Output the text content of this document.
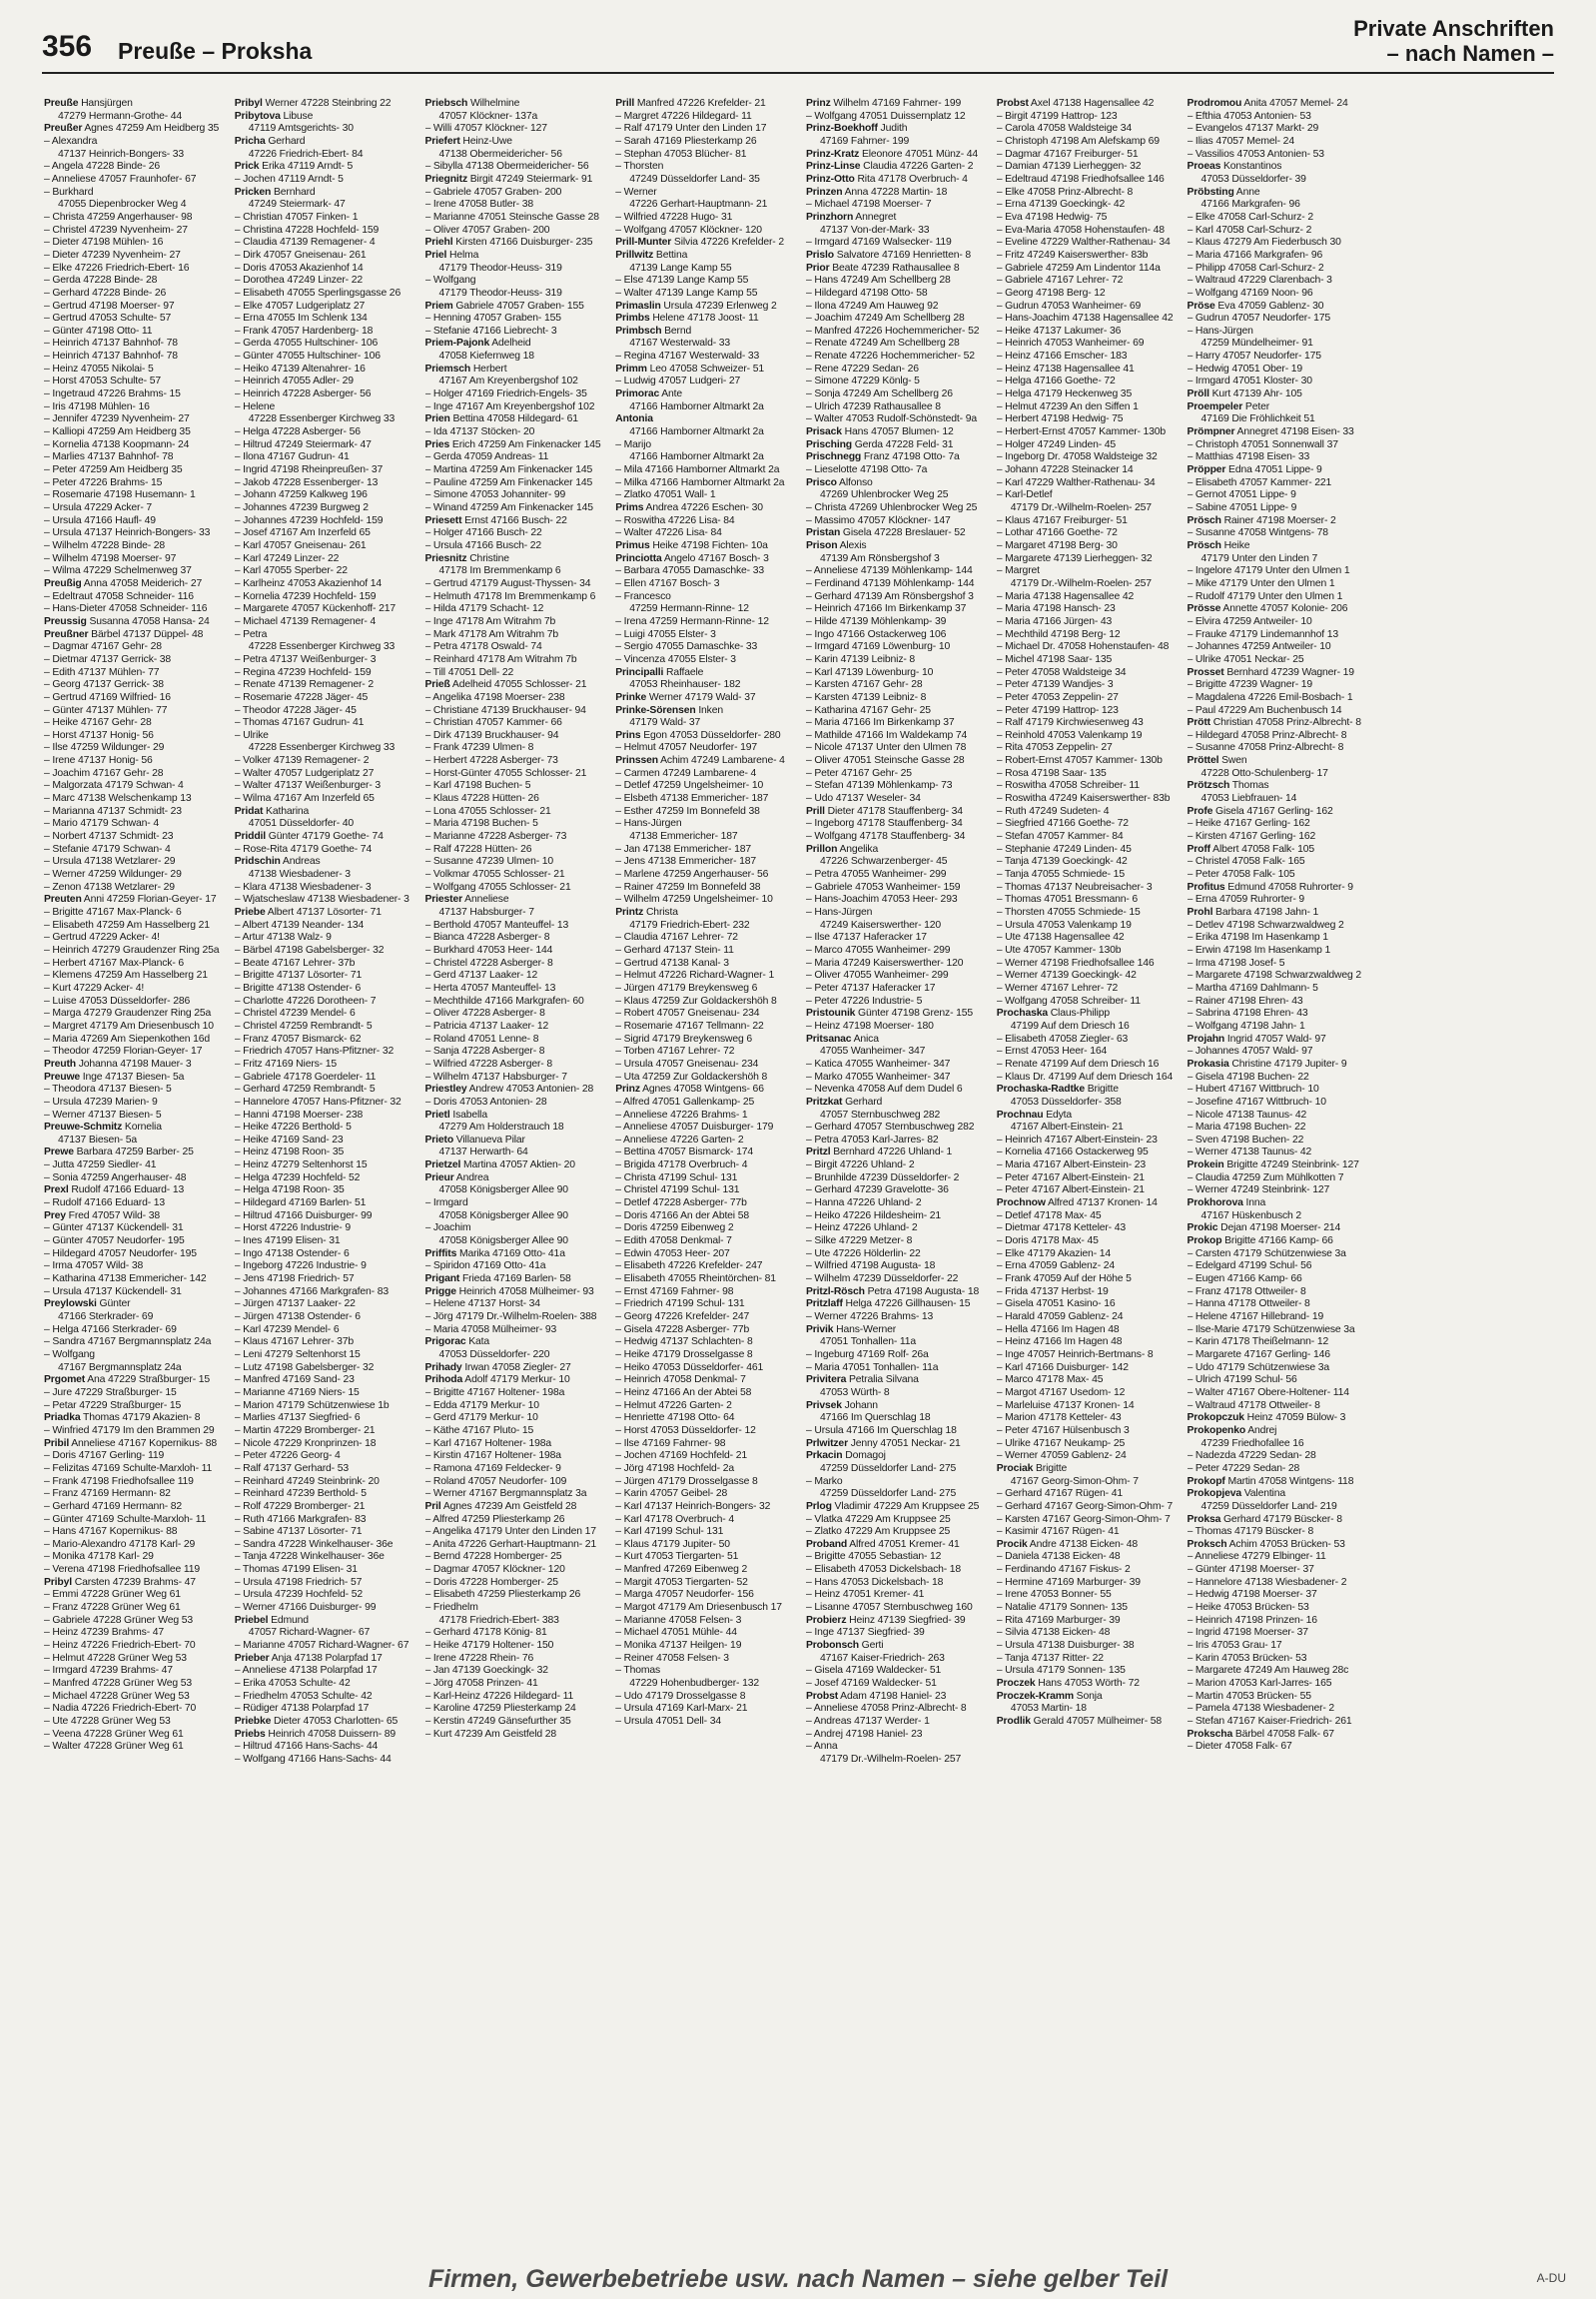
356 Preuße – Proksha
Private Anschriften
– nach Namen –
Preuße Hansjürgen
47279 Hermann-Grothe- 44
Preußer Agnes 47259 Am Heidberg 35
– Alexandra
47137 Heinrich-Bongers- 33
– Angela 47228 Binde- 26
– Anneliese 47057 Fraunhofer- 67
– Burkhard
47055 Diepenbrocker Weg 4
– Christa 47259 Angerhauser- 98
– Christel 47239 Nyvenheim- 27
– Dieter 47198 Mühlen- 16
– Dieter 47239 Nyvenheim- 27
– Elke 47226 Friedrich-Ebert- 16
– Gerda 47228 Binde- 28
– Gerhard 47228 Binde- 26
– Gertrud 47198 Moerser- 97
– Gertrud 47053 Schulte- 57
– Günter 47198 Otto- 11
– Heinrich 47137 Bahnhof- 78
– Heinrich 47137 Bahnhof- 78
– Heinz 47055 Nikolai- 5
– Horst 47053 Schulte- 57
– Ingetraud 47226 Brahms- 15
– Iris 47198 Mühlen- 16
– Jennifer 47239 Nyvenheim- 27
– Kalliopi 47259 Am Heidberg 35
– Kornelia 47138 Koopmann- 24
– Marlies 47137 Bahnhof- 78
– Peter 47259 Am Heidberg 35
– Peter 47226 Brahms- 15
– Rosemarie 47198 Husemann- 1
– Ursula 47229 Acker- 7
– Ursula 47166 Haufl- 49
– Ursula 47137 Heinrich-Bongers- 33
– Wilhelm 47228 Binde- 28
– Wilhelm 47198 Moerser- 97
– Wilma 47229 Schelmenweg 37
Preußig Anna 47058 Meiderich- 27
– Edeltraut 47058 Schneider- 116
– Hans-Dieter 47058 Schneider- 116
Preussig Susanna 47058 Hansa- 24
Preußner Bärbel 47137 Düppel- 48
– Dagmar 47167 Gehr- 28
– Dietmar 47137 Gerrick- 38
– Edith 47137 Mühlen- 77
– Georg 47137 Gerrick- 38
– Gertrud 47169 Wilfried- 16
– Günter 47137 Mühlen- 77
– Heike 47167 Gehr- 28
– Horst 47137 Honig- 56
– Ilse 47259 Wildunger- 29
– Irene 47137 Honig- 56
– Joachim 47167 Gehr- 28
– Malgorzata 47179 Schwan- 4
– Marc 47138 Welschenkamp 13
– Marianna 47137 Schmidt- 23
– Mario 47179 Schwan- 4
– Norbert 47137 Schmidt- 23
– Stefanie 47179 Schwan- 4
– Ursula 47138 Wetzlarer- 29
– Werner 47259 Wildunger- 29
– Zenon 47138 Wetzlarer- 29
Preuten Anni 47259 Florian-Geyer- 17
– Brigitte 47167 Max-Planck- 6
– Elisabeth 47259 Am Hasselberg 21
– Gertrud 47229 Acker- 4!
– Heinrich 47279 Graudenzer Ring 25a
– Herbert 47167 Max-Planck- 6
– Klemens 47259 Am Hasselberg 21
– Kurt 47229 Acker- 4!
– Luise 47053 Düsseldorfer- 286
– Marga 47279 Graudenzer Ring 25a
– Margret 47179 Am Driesenbusch 10
– Maria 47269 Am Siepenkothen 16d
– Theodor 47259 Florian-Geyer- 17
Preuth Johanna 47198 Mauer- 3
Preuwe Inge 47137 Biesen- 5a
– Theodora 47137 Biesen- 5
– Ursula 47239 Marien- 9
– Werner 47137 Biesen- 5
Preuwe-Schmitz Kornelia
47137 Biesen- 5a
Prewe Barbara 47259 Barber- 25
– Jutta 47259 Siedler- 41
– Sonia 47259 Angerhauser- 48
Prexl Rudolf 47166 Eduard- 13
– Rudolf 47166 Eduard- 13
Prey Fred 47057 Wild- 38
– Günter 47137 Kückendell- 31
– Günter 47057 Neudorfer- 195
– Hildegard 47057 Neudorfer- 195
– Irma 47057 Wild- 38
– Katharina 47138 Emmericher- 142
– Ursula 47137 Kückendell- 31
Preylowski Günter
47166 Sterkrader- 69
– Helga 47166 Sterkrader- 69
– Sandra 47167 Bergmannsplatz 24a
– Wolfgang
47167 Bergmannsplatz 24a
Prgomet Ana 47229 Straßburger- 15
– Jure 47229 Straßburger- 15
– Petar 47229 Straßburger- 15
Priadka Thomas 47179 Akazien- 8
– Winfried 47179 Im den Brammen 29
Pribil Anneliese 47167 Kopernikus- 88
– Doris 47167 Gerling- 119
– Felizitas 47169 Schulte-Marxloh- 11
– Frank 47198 Friedhofsallee 119
– Franz 47169 Hermann- 82
– Gerhard 47169 Hermann- 82
– Günter 47169 Schulte-Marxloh- 11
– Hans 47167 Kopernikus- 88
– Mario-Alexandro 47178 Karl- 29
– Monika 47178 Karl- 29
– Verena 47198 Friedhofsallee 119
Pribyl Carsten 47239 Brahms- 47
– Emmi 47228 Grüner Weg 61
– Franz 47228 Grüner Weg 61
– Gabriele 47228 Grüner Weg 53
– Heinz 47239 Brahms- 47
– Heinz 47226 Friedrich-Ebert- 70
– Helmut 47228 Grüner Weg 53
– Irmgard 47239 Brahms- 47
– Manfred 47228 Grüner Weg 53
– Michael 47228 Grüner Weg 53
– Nadia 47226 Friedrich-Ebert- 70
– Ute 47228 Grüner Weg 53
– Veena 47228 Grüner Weg 61
– Walter 47228 Grüner Weg 61
Pribyl Werner 47228 Steinbring 22
Pribytova Libuse
47119 Amtsgerichts- 30
Pricha Gerhard
47226 Friedrich-Ebert- 84
Prick Erika 47119 Arndt- 5
– Jochen 47119 Arndt- 5
Pricken Bernhard
47249 Steiermark- 47
– Christian 47057 Finken- 1
– Christina 47228 Hochfeld- 159
– Claudia 47139 Remagener- 4
– Dirk 47057 Gneisenau- 261
– Doris 47053 Akazienhof 14
– Dorothea 47249 Linzer- 22
– Elisabeth 47055 Sperlingsgasse 26
– Elke 47057 Ludgeriplatz 27
– Erna 47055 Im Schlenk 134
– Frank 47057 Hardenberg- 18
– Gerda 47055 Hultschiner- 106
– Günter 47055 Hultschiner- 106
– Heiko 47139 Altenahrer- 16
– Heinrich 47055 Adler- 29
– Heinrich 47228 Asberger- 56
– Helene
47228 Essenberger Kirchweg 33
– Helga 47228 Asberger- 56
– Hiltrud 47249 Steiermark- 47
– Ilona 47167 Gudrun- 41
– Ingrid 47198 Rheinpreußen- 37
– Jakob 47228 Essenberger- 13
– Johann 47259 Kalkweg 196
– Johannes 47239 Burgweg 2
– Johannes 47239 Hochfeld- 159
– Josef 47167 Am Inzerfeld 65
– Karl 47057 Gneisenau- 261
– Karl 47249 Linzer- 22
– Karl 47055 Sperber- 22
– Karlheinz 47053 Akazienhof 14
– Kornelia 47239 Hochfeld- 159
– Margarete 47057 Kückenhoff- 217
– Michael 47139 Remagener- 4
– Petra
47228 Essenberger Kirchweg 33
– Petra 47137 Weißenburger- 3
– Regina 47239 Hochfeld- 159
– Renate 47139 Remagener- 2
– Rosemarie 47228 Jäger- 45
– Theodor 47228 Jäger- 45
– Thomas 47167 Gudrun- 41
– Ulrike
47228 Essenberger Kirchweg 33
– Volker 47139 Remagener- 2
– Walter 47057 Ludgeriplatz 27
– Walter 47137 Weißenburger- 3
– Wilma 47167 Am Inzerfeld 65
Pridat Katharina
47051 Düsseldorfer- 40
Priddil Günter 47179 Goethe- 74
– Rose-Rita 47179 Goethe- 74
Pridschin Andreas
47138 Wiesbadener- 3
– Klara 47138 Wiesbadener- 3
– Wjatscheslaw 47138 Wiesbadener- 3
Priebe Albert 47137 Lösorter- 71
– Albert 47139 Neander- 134
– Artur 47138 Walz- 9
– Bärbel 47198 Gabelsberger- 32
– Beate 47167 Lehrer- 37b
– Brigitte 47137 Lösorter- 71
– Brigitte 47138 Ostender- 6
– Charlotte 47226 Dorotheen- 7
– Christel 47239 Mendel- 6
– Christel 47259 Rembrandt- 5
– Franz 47057 Bismarck- 62
– Friedrich 47057 Hans-Pfitzner- 32
– Fritz 47169 Niers- 15
– Gabriele 47178 Goerdeler- 11
– Gerhard 47259 Rembrandt- 5
– Hannelore 47057 Hans-Pfitzner- 32
– Hanni 47198 Moerser- 238
– Heike 47226 Berthold- 5
– Heike 47169 Sand- 23
– Heinz 47198 Roon- 35
– Heinz 47279 Seltenhorst 15
– Helga 47239 Hochfeld- 52
– Helga 47198 Roon- 35
– Hildegard 47169 Barlen- 51
– Hiltrud 47166 Duisburger- 99
– Horst 47226 Industrie- 9
– Ines 47199 Elisen- 31
– Ingo 47138 Ostender- 6
– Ingeborg 47226 Industrie- 9
– Jens 47198 Friedrich- 57
– Johannes 47166 Markgrafen- 83
– Jürgen 47137 Laaker- 22
– Jürgen 47138 Ostender- 6
– Karl 47239 Mendel- 6
– Klaus 47167 Lehrer- 37b
– Leni 47279 Seltenhorst 15
– Lutz 47198 Gabelsberger- 32
– Manfred 47169 Sand- 23
– Marianne 47169 Niers- 15
– Marion 47179 Schützenwiese 1b
– Marlies 47137 Siegfried- 6
– Martin 47229 Bromberger- 21
– Nicole 47229 Kronprinzen- 18
– Peter 47226 Georg- 4
– Ralf 47137 Gerhard- 53
– Reinhard 47249 Steinbrink- 20
– Reinhard 47239 Berthold- 5
– Rolf 47229 Bromberger- 21
– Ruth 47166 Markgrafen- 83
– Sabine 47137 Lösorter- 71
– Sandra 47228 Winkelhauser- 36e
– Tanja 47228 Winkelhauser- 36e
– Thomas 47199 Elisen- 31
– Ursula 47198 Friedrich- 57
– Ursula 47239 Hochfeld- 52
– Werner 47166 Duisburger- 99
Priebel Edmund
47057 Richard-Wagner- 67
– Marianne 47057 Richard-Wagner- 67
Prieber Anja 47138 Polarpfad 17
– Anneliese 47138 Polarpfad 17
– Erika 47053 Schulte- 42
– Friedhelm 47053 Schulte- 42
– Rüdiger 47138 Polarpfad 17
Priebke Dieter 47053 Charlotten- 65
Priebs Heinrich 47058 Duissern- 89
– Hiltrud 47166 Hans-Sachs- 44
– Wolfgang 47166 Hans-Sachs- 44
Priebsch Wilhelmine
47057 Klöckner- 137a
– Willi 47057 Klöckner- 127
Priefert Heinz-Uwe
47138 Obermeidericher- 56
– Sibylla 47138 Obermeidericher- 56
Priegnitz Birgit 47249 Steiermark- 91
– Gabriele 47057 Graben- 200
– Irene 47058 Butler- 38
– Marianne 47051 Steinsche Gasse 28
– Oliver 47057 Graben- 200
Priehl Kirsten 47166 Duisburger- 235
Priel Helma
47179 Theodor-Heuss- 319
– Wolfgang
47179 Theodor-Heuss- 319
Priem Gabriele 47057 Graben- 155
– Henning 47057 Graben- 155
– Stefanie 47166 Liebrecht- 3
Priem-Pajonk Adelheid
47058 Kiefernweg 18
Priemsch Herbert
47167 Am Kreyenbergshof 102
– Holger 47169 Friedrich-Engels- 35
– Inge 47167 Am Kreyenbergshof 102
Prien Bettina 47058 Hildegard- 61
– Ida 47137 Stöcken- 20
Pries Erich 47259 Am Finkenacker 145
– Gerda 47059 Andreas- 11
– Martina 47259 Am Finkenacker 145
– Pauline 47259 Am Finkenacker 145
– Simone 47053 Johanniter- 99
– Winand 47259 Am Finkenacker 145
Priesett Ernst 47166 Busch- 22
– Holger 47166 Busch- 22
– Ursula 47166 Busch- 22
Priesnitz Christine
47178 Im Bremmenkamp 6
– Gertrud 47179 August-Thyssen- 34
– Helmuth 47178 Im Bremmenkamp 6
– Hilda 47179 Schacht- 12
– Inge 47178 Am Witrahm 7b
– Mark 47178 Am Witrahm 7b
– Petra 47178 Oswald- 74
– Reinhard 47178 Am Witrahm 7b
– Till 47051 Dell- 22
Prieß Adelheid 47055 Schlosser- 21
– Angelika 47198 Moerser- 238
– Christiane 47139 Bruckhauser- 94
– Christian 47057 Kammer- 66
– Dirk 47139 Bruckhauser- 94
– Frank 47239 Ulmen- 8
– Herbert 47228 Asberger- 73
– Horst-Günter 47055 Schlosser- 21
– Karl 47198 Buchen- 5
– Klaus 47228 Hütten- 26
– Lona 47055 Schlosser- 21
– Maria 47198 Buchen- 5
– Marianne 47228 Asberger- 73
– Ralf 47228 Hütten- 26
– Susanne 47239 Ulmen- 10
– Volkmar 47055 Schlosser- 21
– Wolfgang 47055 Schlosser- 21
Priester Anneliese
47137 Habsburger- 7
– Berthold 47057 Manteuffel- 13
– Bianca 47228 Asberger- 8
– Burkhard 47053 Heer- 144
– Christel 47228 Asberger- 8
– Gerd 47137 Laaker- 12
– Herta 47057 Manteuffel- 13
– Mechthilde 47166 Markgrafen- 60
– Oliver 47228 Asberger- 8
– Patricia 47137 Laaker- 12
– Roland 47051 Lenne- 8
– Sanja 47228 Asberger- 8
– Wilfried 47228 Asberger- 8
– Wilhelm 47137 Habsburger- 7
Priestley Andrew 47053 Antonien- 28
– Doris 47053 Antonien- 28
Prietl Isabella
47279 Am Holderstrauch 18
Prieto Villanueva Pilar
47137 Herwarth- 64
Prietzel Martina 47057 Aktien- 20
Prieur Andrea
47058 Königsberger Allee 90
– Irmgard
47058 Königsberger Allee 90
– Joachim
47058 Königsberger Allee 90
Priffits Marika 47169 Otto- 41a
– Spiridon 47169 Otto- 41a
Prigant Frieda 47169 Barlen- 58
Prigge Heinrich 47058 Mülheimer- 93
– Helene 47137 Horst- 34
– Jörg 47179 Dr.-Wilhelm-Roelen- 388
– Maria 47058 Mülheimer- 93
Prigorac Kata
47053 Düsseldorfer- 220
Prihady Irwan 47058 Ziegler- 27
Prihoda Adolf 47179 Merkur- 10
– Brigitte 47167 Holtener- 198a
– Edda 47179 Merkur- 10
– Gerd 47179 Merkur- 10
– Käthe 47167 Pluto- 15
– Karl 47167 Holtener- 198a
– Kirstin 47167 Holtener- 198a
– Ramona 47169 Feldecker- 9
– Roland 47057 Neudorfer- 109
– Werner 47167 Bergmannsplatz 3a
Pril Agnes 47239 Am Geistfeld 28
– Alfred 47259 Pliesterkamp 26
– Angelika 47179 Unter den Linden 17
– Anita 47226 Gerhart-Hauptmann- 21
– Bernd 47228 Homberger- 25
– Dagmar 47057 Klöckner- 120
– Doris 47228 Homberger- 25
– Elisabeth 47259 Pliesterkamp 26
– Friedhelm
47178 Friedrich-Ebert- 383
– Gerhard 47178 König- 81
– Heike 47179 Holtener- 150
– Irene 47228 Rhein- 76
– Jan 47139 Goeckingk- 32
– Jörg 47058 Prinzen- 41
– Karl-Heinz 47226 Hildegard- 11
– Karoline 47259 Pliesterkamp 24
– Kerstin 47249 Gänsefurther 35
– Kurt 47239 Am Geistfeld 28
Prill Manfred 47226 Krefelder- 21
– Margret 47226 Hildegard- 11
– Ralf 47179 Unter den Linden 17
– Sarah 47169 Pliesterkamp 26
– Stephan 47053 Blücher- 81
– Thorsten
47249 Düsseldorfer Land- 35
– Werner
47226 Gerhart-Hauptmann- 21
– Wilfried 47228 Hugo- 31
– Wolfgang 47057 Klöckner- 120
Prill-Munter Silvia 47226 Krefelder- 2
Prillwitz Bettina
47139 Lange Kamp 55
– Else 47139 Lange Kamp 55
– Walter 47139 Lange Kamp 55
Primaslin Ursula 47239 Erlenweg 2
Primbs Helene 47178 Joost- 11
Primbsch Bernd
47167 Westerwald- 33
– Regina 47167 Westerwald- 33
Primm Leo 47058 Schweizer- 51
– Ludwig 47057 Ludgeri- 27
Primorac Ante
47166 Hamborner Altmarkt 2a
Antonia
47166 Hamborner Altmarkt 2a
– Marijo
47166 Hamborner Altmarkt 2a
– Mila 47166 Hamborner Altmarkt 2a
– Milka 47166 Hamborner Altmarkt 2a
– Zlatko 47051 Wall- 1
Prims Andrea 47226 Eschen- 30
– Roswitha 47226 Lisa- 84
– Walter 47226 Lisa- 84
Primus Heike 47198 Fichten- 10a
Princiotta Angelo 47167 Bosch- 3
– Barbara 47055 Damaschke- 33
– Ellen 47167 Bosch- 3
– Francesco
47259 Hermann-Rinne- 12
– Irena 47259 Hermann-Rinne- 12
– Luigi 47055 Elster- 3
– Sergio 47055 Damaschke- 33
– Vincenza 47055 Elster- 3
Principalli Raffaele
47053 Rheinhauser- 182
Prinke Werner 47179 Wald- 37
Prinke-Sörensen Inken
47179 Wald- 37
Prins Egon 47053 Düsseldorfer- 280
– Helmut 47057 Neudorfer- 197
Prinssen Achim 47249 Lambarene- 4
– Carmen 47249 Lambarene- 4
– Detlef 47259 Ungelsheimer- 10
– Elsbeth 47138 Emmericher- 187
– Esther 47259 Im Bonnefeld 38
– Hans-Jürgen
47138 Emmericher- 187
– Jan 47138 Emmericher- 187
– Jens 47138 Emmericher- 187
– Marlene 47259 Angerhauser- 56
– Rainer 47259 Im Bonnefeld 38
– Wilhelm 47259 Ungelsheimer- 10
Printz Christa
47179 Friedrich-Ebert- 232
– Claudia 47167 Lehrer- 72
– Gerhard 47137 Stein- 11
– Gertrud 47138 Kanal- 3
– Helmut 47226 Richard-Wagner- 1
– Jürgen 47179 Breykensweg 6
– Klaus 47259 Zur Goldackershöh 8
– Robert 47057 Gneisenau- 234
– Rosemarie 47167 Tellmann- 22
– Sigrid 47179 Breykensweg 6
– Torben 47167 Lehrer- 72
– Ursula 47057 Gneisenau- 234
– Uta 47259 Zur Goldackershöh 8
Prinz Agnes 47058 Wintgens- 66
– Alfred 47051 Gallenkamp- 25
– Anneliese 47226 Brahms- 1
– Anneliese 47057 Duisburger- 179
– Anneliese 47226 Garten- 2
– Bettina 47057 Bismarck- 174
– Brigida 47178 Overbruch- 4
– Christa 47199 Schul- 131
– Christel 47199 Schul- 131
– Detlef 47228 Asberger- 77b
– Doris 47166 An der Abtei 58
– Doris 47259 Eibenweg 2
– Edith 47058 Denkmal- 7
– Edwin 47053 Heer- 207
– Elisabeth 47226 Krefelder- 247
– Elisabeth 47055 Rheintörchen- 81
– Ernst 47169 Fahrner- 98
– Friedrich 47199 Schul- 131
– Georg 47226 Krefelder- 247
– Gisela 47228 Asberger- 77b
– Hedwig 47137 Schlachten- 8
– Heike 47179 Drosselgasse 8
– Heiko 47053 Düsseldorfer- 461
– Heinrich 47058 Denkmal- 7
– Heinz 47166 An der Abtei 58
– Helmut 47226 Garten- 2
– Henriette 47198 Otto- 64
– Horst 47053 Düsseldorfer- 12
– Ilse 47169 Fahrner- 98
– Jochen 47169 Hochfeld- 21
– Jörg 47198 Hochfeld- 2a
– Jürgen 47179 Drosselgasse 8
– Karin 47057 Geibel- 28
– Karl 47137 Heinrich-Bongers- 32
– Karl 47178 Overbruch- 4
– Karl 47199 Schul- 131
– Klaus 47179 Jupiter- 50
– Kurt 47053 Tiergarten- 51
– Manfred 47269 Eibenweg 2
– Margit 47053 Tiergarten- 52
– Marga 47057 Neudorfer- 156
– Margot 47179 Am Driesenbusch 17
– Marianne 47058 Felsen- 3
– Michael 47051 Mühle- 44
– Monika 47137 Heilgen- 19
– Reiner 47058 Felsen- 3
– Thomas
47229 Hohenbudberger- 132
– Udo 47179 Drosselgasse 8
– Ursula 47169 Karl-Marx- 21
– Ursula 47051 Dell- 34
Prinz Wilhelm 47169 Fahrner- 199
– Wolfgang 47051 Duissernplatz 12
Prinz-Boekhoff Judith
47169 Fahrner- 199
Prinz-Kratz Eleonore 47051 Münz- 44
Prinz-Linse Claudia 47226 Garten- 2
Prinz-Otto Rita 47178 Overbruch- 4
Prinzen Anna 47228 Martin- 18
– Michael 47198 Moerser- 7
Prinzhorn Annegret
47137 Von-der-Mark- 33
– Irmgard 47169 Walsecker- 119
Prislo Salvatore 47169 Henrietten- 8
Prior Beate 47239 Rathausallee 8
– Hans 47249 Am Schellberg 28
– Hildegard 47198 Otto- 58
– Ilona 47249 Am Hauweg 92
– Joachim 47249 Am Schellberg 28
– Manfred 47226 Hochemmericher- 52
– Renate 47249 Am Schellberg 28
– Renate 47226 Hochemmericher- 52
– Rene 47229 Sedan- 26
– Simone 47229 Könlg- 5
– Sonja 47249 Am Schellberg 26
– Ulrich 47239 Rathausallee 8
– Walter 47053 Rudolf-Schönstedt- 9a
Prisack Hans 47057 Blumen- 12
Prisching Gerda 47228 Feld- 31
Prischnegg Franz 47198 Otto- 7a
– Lieselotte 47198 Otto- 7a
Prisco Alfonso
47269 Uhlenbrocker Weg 25
– Christa 47269 Uhlenbrocker Weg 25
– Massimo 47057 Klöckner- 147
Pristan Gisela 47228 Breslauer- 52
Prison Alexis
47139 Am Rönsbergshof 3
– Anneliese 47139 Möhlenkamp- 144
– Ferdinand 47139 Möhlenkamp- 144
– Gerhard 47139 Am Rönsbergshof 3
– Heinrich 47166 Im Birkenkamp 37
– Hilde 47139 Möhlenkamp- 39
– Ingo 47166 Ostackerweg 106
– Irmgard 47169 Löwenburg- 10
– Karin 47139 Leibniz- 8
– Karl 47139 Löwenburg- 10
– Karsten 47167 Gehr- 28
– Karsten 47139 Leibniz- 8
– Katharina 47167 Gehr- 25
– Maria 47166 Im Birkenkamp 37
– Mathilde 47166 Im Waldekamp 74
– Nicole 47137 Unter den Ulmen 78
– Oliver 47051 Steinsche Gasse 28
– Peter 47167 Gehr- 25
– Stefan 47139 Möhlenkamp- 73
– Udo 47137 Weseler- 34
Prill Dieter 47178 Stauffenberg- 34
– Ingeborg 47178 Stauffenberg- 34
– Wolfgang 47178 Stauffenberg- 34
Prillon Angelika
47226 Schwarzenberger- 45
– Petra 47055 Wanheimer- 299
– Gabriele 47053 Wanheimer- 159
– Hans-Joachim 47053 Heer- 293
– Hans-Jürgen
47249 Kaiserswerther- 120
– Ilse 47137 Haferacker 17
– Marco 47055 Wanheimer- 299
– Maria 47249 Kaiserswerther- 120
– Oliver 47055 Wanheimer- 299
– Peter 47137 Haferacker 17
– Peter 47226 Industrie- 5
Pristounik Günter 47198 Grenz- 155
– Heinz 47198 Moerser- 180
Pritsanac Anica
47055 Wanheimer- 347
– Katica 47055 Wanheimer- 347
– Marko 47055 Wanheimer- 347
– Nevenka 47058 Auf dem Dudel 6
Pritzkat Gerhard
47057 Sternbuschweg 282
– Gerhard 47057 Sternbuschweg 282
– Petra 47053 Karl-Jarres- 82
Pritzl Bernhard 47226 Uhland- 1
– Birgit 47226 Uhland- 2
– Brunhilde 47239 Düsseldorfer- 2
– Gerhard 47239 Gravelotte- 36
– Hanna 47226 Uhland- 2
– Heiko 47226 Hildesheim- 21
– Heinz 47226 Uhland- 2
– Silke 47229 Metzer- 8
– Ute 47226 Hölderlin- 22
– Wilfried 47198 Augusta- 18
– Wilhelm 47239 Düsseldorfer- 22
Pritzl-Rösch Petra 47198 Augusta- 18
Pritzlaff Helga 47226 Gillhausen- 15
– Werner 47226 Brahms- 13
Privik Hans-Werner
47051 Tonhallen- 11a
– Ingeburg 47169 Rolf- 26a
– Maria 47051 Tonhallen- 11a
Privitera Petralia Silvana
47053 Würth- 8
Privsek Johann
47166 Im Querschlag 18
– Ursula 47166 Im Querschlag 18
Prlwitzer Jenny 47051 Neckar- 21
Prkacin Domagoj
47259 Düsseldorfer Land- 275
– Marko
47259 Düsseldorfer Land- 275
Prlog Vladimir 47229 Am Kruppsee 25
– Vlatka 47229 Am Kruppsee 25
– Zlatko 47229 Am Kruppsee 25
Proband Alfred 47051 Kremer- 41
– Brigitte 47055 Sebastian- 12
– Elisabeth 47053 Dickelsbach- 18
– Hans 47053 Dickelsbach- 18
– Heinz 47051 Kremer- 41
– Lisanne 47057 Sternbuschweg 160
Probierz Heinz 47139 Siegfried- 39
– Inge 47137 Siegfried- 39
Probonsch Gerti
47167 Kaiser-Friedrich- 263
– Gisela 47169 Waldecker- 51
– Josef 47169 Waldecker- 51
Probst Adam 47198 Haniel- 23
– Anneliese 47058 Prinz-Albrecht- 8
– Andreas 47137 Werder- 1
– Andrej 47198 Haniel- 23
– Anna
47179 Dr.-Wilhelm-Roelen- 257
Probst Axel 47138 Hagensallee 42
– Birgit 47199 Hattrop- 123
– Carola 47058 Waldsteige 34
– Christoph 47198 Am Alefskamp 69
– Dagmar 47167 Freiburger- 51
– Damian 47139 Lierheggen- 32
– Edeltraud 47198 Friedhofsallee 146
– Elke 47058 Prinz-Albrecht- 8
– Erna 47139 Goeckingk- 42
– Eva 47198 Hedwig- 75
– Eva-Maria 47058 Hohenstaufen- 48
– Eveline 47229 Walther-Rathenau- 34
– Fritz 47249 Kaiserswerther- 83b
– Gabriele 47259 Am Lindentor 114a
– Gabriele 47167 Lehrer- 72
– Georg 47198 Berg- 12
– Gudrun 47053 Wanheimer- 69
– Hans-Joachim 47138 Hagensallee 42
– Heike 47137 Lakumer- 36
– Heinrich 47053 Wanheimer- 69
– Heinz 47166 Emscher- 183
– Heinz 47138 Hagensallee 41
– Helga 47166 Goethe- 72
– Helga 47179 Heckenweg 35
– Helmut 47239 An den Siffen 1
– Herbert 47198 Hedwig- 75
– Herbert-Ernst 47057 Kammer- 130b
– Holger 47249 Linden- 45
– Ingeborg Dr. 47058 Waldsteige 32
– Johann 47228 Steinacker 14
– Karl 47229 Walther-Rathenau- 34
– Karl-Detlef
47179 Dr.-Wilhelm-Roelen- 257
– Klaus 47167 Freiburger- 51
– Lothar 47166 Goethe- 72
– Margaret 47198 Berg- 30
– Margarete 47139 Lierheggen- 32
– Margret
47179 Dr.-Wilhelm-Roelen- 257
– Maria 47138 Hagensallee 42
– Maria 47198 Hansch- 23
– Maria 47166 Jürgen- 43
– Mechthild 47198 Berg- 12
– Michael Dr. 47058 Hohenstaufen- 48
– Michel 47198 Saar- 135
– Peter 47058 Waldsteige 34
– Peter 47139 Wandjes- 3
– Peter 47053 Zeppelin- 27
– Peter 47199 Hattrop- 123
– Ralf 47179 Kirchwiesenweg 43
– Reinhold 47053 Valenkamp 19
– Rita 47053 Zeppelin- 27
– Robert-Ernst 47057 Kammer- 130b
– Rosa 47198 Saar- 135
– Roswitha 47058 Schreiber- 11
– Roswitha 47249 Kaiserswerther- 83b
– Ruth 47249 Sudeten- 4
– Siegfried 47166 Goethe- 72
– Stefan 47057 Kammer- 84
– Stephanie 47249 Linden- 45
– Tanja 47139 Goeckingk- 42
– Tanja 47055 Schmiede- 15
– Thomas 47137 Neubreisacher- 3
– Thomas 47051 Bressmann- 6
– Thorsten 47055 Schmiede- 15
– Ursula 47053 Valenkamp 19
– Ute 47138 Hagensallee 42
– Ute 47057 Kammer- 130b
– Werner 47198 Friedhofsallee 146
– Werner 47139 Goeckingk- 42
– Werner 47167 Lehrer- 72
– Wolfgang 47058 Schreiber- 11
Prochaska Claus-Philipp
47199 Auf dem Driesch 16
– Elisabeth 47058 Ziegler- 63
– Ernst 47053 Heer- 164
– Renate 47199 Auf dem Driesch 16
– Klaus Dr. 47199 Auf dem Driesch 164
Prochaska-Radtke Brigitte
47053 Düsseldorfer- 358
Prochnau Edyta
47167 Albert-Einstein- 21
– Heinrich 47167 Albert-Einstein- 23
– Kornelia 47166 Ostackerweg 95
– Maria 47167 Albert-Einstein- 23
– Peter 47167 Albert-Einstein- 21
– Peter 47167 Albert-Einstein- 21
Prochnow Alfred 47137 Kronen- 14
– Detlef 47178 Max- 45
– Dietmar 47178 Ketteler- 43
– Doris 47178 Max- 45
– Elke 47179 Akazien- 14
– Erna 47059 Gablenz- 24
– Frank 47059 Auf der Höhe 5
– Frida 47137 Herbst- 19
– Gisela 47051 Kasino- 16
– Harald 47059 Gablenz- 24
– Hella 47166 Im Hagen 48
– Heinz 47166 Im Hagen 48
– Inge 47057 Heinrich-Bertmans- 8
– Karl 47166 Duisburger- 142
– Marco 47178 Max- 45
– Margot 47167 Usedom- 12
– Marleluise 47137 Kronen- 14
– Marion 47178 Ketteler- 43
– Peter 47167 Hülsenbusch 3
– Ulrike 47167 Neukamp- 25
– Werner 47059 Gablenz- 24
Prociak Brigitte
47167 Georg-Simon-Ohm- 7
– Gerhard 47167 Rügen- 41
– Gerhard 47167 Georg-Simon-Ohm- 7
– Karsten 47167 Georg-Simon-Ohm- 7
– Kasimir 47167 Rügen- 41
Procik Andre 47138 Eicken- 48
– Daniela 47138 Eicken- 48
– Ferdinando 47167 Fiskus- 2
– Hermine 47169 Marburger- 39
– Irene 47053 Bonner- 55
– Natalie 47179 Sonnen- 135
– Rita 47169 Marburger- 39
– Silvia 47138 Eicken- 48
– Ursula 47138 Duisburger- 38
– Tanja 47137 Ritter- 22
– Ursula 47179 Sonnen- 135
Proczek Hans 47053 Wörth- 72
Proczek-Kramm Sonja
47053 Martin- 18
Prodlik Gerald 47057 Mülheimer- 58
Prodromou Anita 47057 Memel- 24
– Efthia 47053 Antonien- 53
– Evangelos 47137 Markt- 29
– Ilias 47057 Memel- 24
– Vassilios 47053 Antonien- 53
Proeas Konstantinos
47053 Düsseldorfer- 39
Pröbsting Anne
47166 Markgrafen- 96
– Elke 47058 Carl-Schurz- 2
– Karl 47058 Carl-Schurz- 2
– Klaus 47279 Am Fiederbusch 30
– Maria 47166 Markgrafen- 96
– Philipp 47058 Carl-Schurz- 2
– Waltraud 47229 Clarenbach- 3
– Wolfgang 47169 Noon- 96
Pröse Eva 47059 Gablenz- 30
– Gudrun 47057 Neudorfer- 175
– Hans-Jürgen
47259 Mündelheimer- 91
– Harry 47057 Neudorfer- 175
– Hedwig 47051 Ober- 19
– Irmgard 47051 Kloster- 30
Pröll Kurt 47139 Ahr- 105
Proempeler Peter
47169 Die Fröhlichkeit 51
Prömpner Annegret 47198 Eisen- 33
– Christoph 47051 Sonnenwall 37
– Matthias 47198 Eisen- 33
Pröpper Edna 47051 Lippe- 9
– Elisabeth 47057 Kammer- 221
– Gernot 47051 Lippe- 9
– Sabine 47051 Lippe- 9
Prösch Rainer 47198 Moerser- 2
– Susanne 47058 Wintgens- 78
Prösch Heike
47179 Unter den Linden 7
– Ingelore 47179 Unter den Ulmen 1
– Mike 47179 Unter den Ulmen 1
– Rudolf 47179 Unter den Ulmen 1
Prösse Annette 47057 Kolonie- 206
– Elvira 47259 Antweiler- 10
– Frauke 47179 Lindemannhof 13
– Johannes 47259 Antweiler- 10
– Ulrike 47051 Neckar- 25
Prosset Bernhard 47239 Wagner- 19
– Brigitte 47239 Wagner- 19
– Magdalena 47226 Emil-Bosbach- 1
– Paul 47229 Am Buchenbusch 14
Prött Christian 47058 Prinz-Albrecht- 8
– Hildegard 47058 Prinz-Albrecht- 8
– Susanne 47058 Prinz-Albrecht- 8
Pröttel Swen
47228 Otto-Schulenberg- 17
Prötzsch Thomas
47053 Liebfrauen- 14
Profe Gisela 47167 Gerling- 162
– Heike 47167 Gerling- 162
– Kirsten 47167 Gerling- 162
Proff Albert 47058 Falk- 105
– Christel 47058 Falk- 165
– Peter 47058 Falk- 105
Profitus Edmund 47058 Ruhrorter- 9
– Erna 47059 Ruhrorter- 9
Prohl Barbara 47198 Jahn- 1
– Detlev 47198 Schwarzwaldweg 2
– Erika 47198 Im Hasenkamp 1
– Erwin 47198 Im Hasenkamp 1
– Irma 47198 Josef- 5
– Margarete 47198 Schwarzwaldweg 2
– Martha 47169 Dahlmann- 5
– Rainer 47198 Ehren- 43
– Sabrina 47198 Ehren- 43
– Wolfgang 47198 Jahn- 1
Projahn Ingrid 47057 Wald- 97
– Johannes 47057 Wald- 97
Prokasia Christine 47179 Jupiter- 9
– Gisela 47198 Buchen- 22
– Hubert 47167 Wittbruch- 10
– Josefine 47167 Wittbruch- 10
– Nicole 47138 Taunus- 42
– Maria 47198 Buchen- 22
– Sven 47198 Buchen- 22
– Werner 47138 Taunus- 42
Prokein Brigitte 47249 Steinbrink- 127
– Claudia 47259 Zum Mühlkotten 7
– Werner 47249 Steinbrink- 127
Prokhorova Inna
47167 Hüskenbusch 2
Prokic Dejan 47198 Moerser- 214
Prokop Brigitte 47166 Kamp- 66
– Carsten 47179 Schützenwiese 3a
– Edelgard 47199 Schul- 56
– Eugen 47166 Kamp- 66
– Franz 47178 Ottweiler- 8
– Hanna 47178 Ottweiler- 8
– Helene 47167 Hillebrand- 19
– Ilse-Marie 47179 Schützenwiese 3a
– Karin 47178 Theißelmann- 12
– Margarete 47167 Gerling- 146
– Udo 47179 Schützenwiese 3a
– Ulrich 47199 Schul- 56
– Walter 47167 Obere-Holtener- 114
– Waltraud 47178 Ottweiler- 8
Prokopczuk Heinz 47059 Bülow- 3
Prokopenko Andrej
47239 Friedhofallee 16
– Nadezda 47229 Sedan- 28
– Peter 47229 Sedan- 28
Prokopf Martin 47058 Wintgens- 118
Prokopjeva Valentina
47259 Düsseldorfer Land- 219
Proksa Gerhard 47179 Büscker- 8
– Thomas 47179 Büscker- 8
Proksch Achim 47053 Brücken- 53
– Anneliese 47279 Elbinger- 11
– Günter 47198 Moerser- 37
– Hannelore 47138 Wiesbadener- 2
– Hedwig 47198 Moerser- 37
– Heike 47053 Brücken- 53
– Heinrich 47198 Prinzen- 16
– Ingrid 47198 Moerser- 37
– Iris 47053 Grau- 17
– Karin 47053 Brücken- 53
– Margarete 47249 Am Hauweg 28c
– Marion 47053 Karl-Jarres- 165
– Martin 47053 Brücken- 55
– Pamela 47138 Wiesbadener- 2
– Stefan 47167 Kaiser-Friedrich- 261
Prokscha Bärbel 47058 Falk- 67
– Dieter 47058 Falk- 67
Firmen, Gewerbebetriebe usw. nach Namen – siehe gelber Teil	A-DU
